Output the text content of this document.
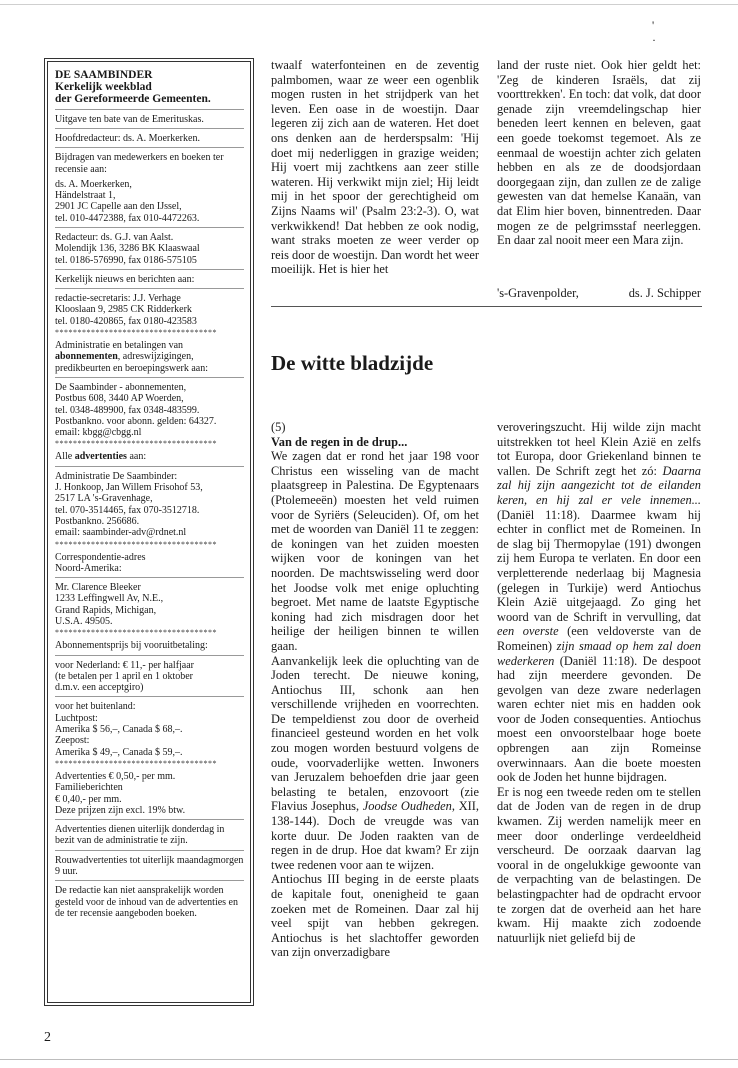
' ·
DE SAAMBINDER
Kerkelijk weekblad
der Gereformeerde Gemeenten.

Uitgave ten bate van de Emerituskas.

Hoofdredacteur: ds. A. Moerkerken.

Bijdragen van medewerkers en boeken ter recensie aan:

ds. A. Moerkerken,
Händelstraat 1,
2901 JC Capelle aan den IJssel,
tel. 010-4472388, fax 010-4472263.
Redacteur: ds. G.J. van Aalst.
Molendijk 136, 3286 BK Klaaswaal
tel. 0186-576990, fax 0186-575105

Kerkelijk nieuws en berichten aan:

redactie-secretaris: J.J. Verhage
Klooslaan 9, 2985 CK Ridderkerk
tel. 0180-420865, fax 0180-423583
************************************

Administratie en betalingen van abonnementen, adreswijzigingen, predikbeurten en beroepingswerk aan:

De Saambinder - abonnementen,
Postbus 608, 3440 AP Woerden,
tel. 0348-489900, fax 0348-483599.
Postbankno. voor abonn. gelden: 64327.
email: kbgg@cbgg.nl
************************************

Alle advertenties aan:

Administratie De Saambinder:
J. Honkoop, Jan Willem Frisohof 53,
2517 LA 's-Gravenhage,
tel. 070-3514465, fax 070-3512718.
Postbankno. 256686.
email: saambinder-adv@rdnet.nl
************************************
Correspondentie-adres
Noord-Amerika:
Mr. Clarence Bleeker
1233 Leffingwell Av, N.E.,
Grand Rapids, Michigan,
U.S.A. 49505.
************************************
Abonnementsprijs bij vooruitbetaling:
voor Nederland: € 11,- per halfjaar
(te betalen per 1 april en 1 oktober
d.m.v. een acceptgiro)
voor het buitenland:
Luchtpost:
Amerika $ 56,–, Canada $ 68,–.
Zeepost:
Amerika $ 49,–, Canada $ 59,–.
************************************
Advertenties € 0,50,- per mm.
Familieberichten
€ 0,40,- per mm.
Deze prijzen zijn excl. 19% btw.

Advertenties dienen uiterlijk donderdag in bezit van de administratie te zijn.

Rouwadvertenties tot uiterlijk maandagmorgen 9 uur.

De redactie kan niet aansprakelijk worden gesteld voor de inhoud van de advertenties en de ter recensie aangeboden boeken.

twaalf waterfonteinen en de zeventig palmbomen, waar ze weer een ogenblik mogen rusten in het strijdperk van het leven. Een oase in de woestijn. Daar legeren zij zich aan de wateren. Het doet ons denken aan de herderspsalm: 'Hij doet mij nederliggen in grazige weiden; Hij voert mij zachtkens aan zeer stille wateren. Hij verkwikt mijn ziel; Hij leidt mij in het spoor der gerechtigheid om Zijns Naams wil' (Psalm 23:2-3). O, wat verkwikkend! Dat hebben ze ook nodig, want straks moeten ze weer verder op reis door de woestijn. Dan wordt het weer moeilijk. Het is hier het

land der ruste niet. Ook hier geldt het: 'Zeg de kinderen Israëls, dat zij voorttrekken'. En toch: dat volk, dat door genade zijn vreemdelingschap hier beneden leert kennen en beleven, gaat een goede toekomst tegemoet. Als ze eenmaal de woestijn achter zich gelaten hebben en als ze de doodsjordaan doorgegaan zijn, dan zullen ze de zalige gewesten van dat hemelse Kanaän, van dat Elim hier boven, binnentreden. Daar mogen ze de pelgrimsstaf neerleggen. En daar zal nooit meer een Mara zijn.

's-Gravenpolder,	ds. J. Schipper
De witte bladzijde

(5)

Van de regen in de drup...

We zagen dat er rond het jaar 198 voor Christus een wisseling van de macht plaatsgreep in Palestina. De Egyptenaars (Ptolemeeën) moesten het veld ruimen voor de Syriërs (Seleuciden). Of, om het met de woorden van Daniël 11 te zeggen: de koningen van het zuiden moesten wijken voor de koningen van het noorden. De machtswisseling werd door het Joodse volk met enige opluchting begroet. Met name de laatste Egyptische koning had zich misdragen door het heilige der heiligen binnen te willen gaan.

Aanvankelijk leek die opluchting van de Joden terecht. De nieuwe koning, Antiochus III, schonk aan hen verschillende vrijheden en voorrechten. De tempeldienst zou door de overheid financieel gesteund worden en het volk zou mogen worden bestuurd volgens de oude, voorvaderlijke wetten. Inwoners van Jeruzalem behoefden drie jaar geen belasting te betalen, enzovoort (zie Flavius Josephus, Joodse Oudheden, XII, 138-144). Doch de vreugde was van korte duur. De Joden raakten van de regen in de drup. Hoe dat kwam? Er zijn twee redenen voor aan te wijzen.

Antiochus III beging in de eerste plaats de kapitale fout, onenigheid te gaan zoeken met de Romeinen. Daar zal hij veel spijt van hebben gekregen. Antiochus is het slachtoffer geworden van zijn onverzadigbare

veroveringszucht. Hij wilde zijn macht uitstrekken tot heel Klein Azië en zelfs tot Europa, door Griekenland binnen te vallen. De Schrift zegt het zó: Daarna zal hij zijn aangezicht tot de eilanden keren, en hij zal er vele innemen... (Daniël 11:18). Daarmee kwam hij echter in conflict met de Romeinen. In de slag bij Thermopylae (191) dwongen zij hem Europa te verlaten. En door een verpletterende nederlaag bij Magnesia (gelegen in Turkije) werd Antiochus Klein Azië uitgejaagd. Zo ging het woord van de Schrift in vervulling, dat een overste (een veldoverste van de Romeinen) zijn smaad op hem zal doen wederkeren (Daniël 11:18). De despoot had zijn meerdere gevonden. De gevolgen van deze zware nederlagen waren echter niet mis en hadden ook voor de Joden consequenties. Antiochus moest een onvoorstelbaar hoge boete opbrengen aan zijn Romeinse overwinnaars. Aan die boete moesten ook de Joden het hunne bijdragen.

Er is nog een tweede reden om te stellen dat de Joden van de regen in de drup kwamen. Zij werden namelijk meer en meer door onderlinge verdeeldheid verscheurd. De oorzaak daarvan lag vooral in de ongelukkige gewoonte van de verpachting van de belastingen. De belastingpachter had de opdracht ervoor te zorgen dat de overheid aan het hare kwam. Hij maakte zich zodoende natuurlijk niet geliefd bij de

2
